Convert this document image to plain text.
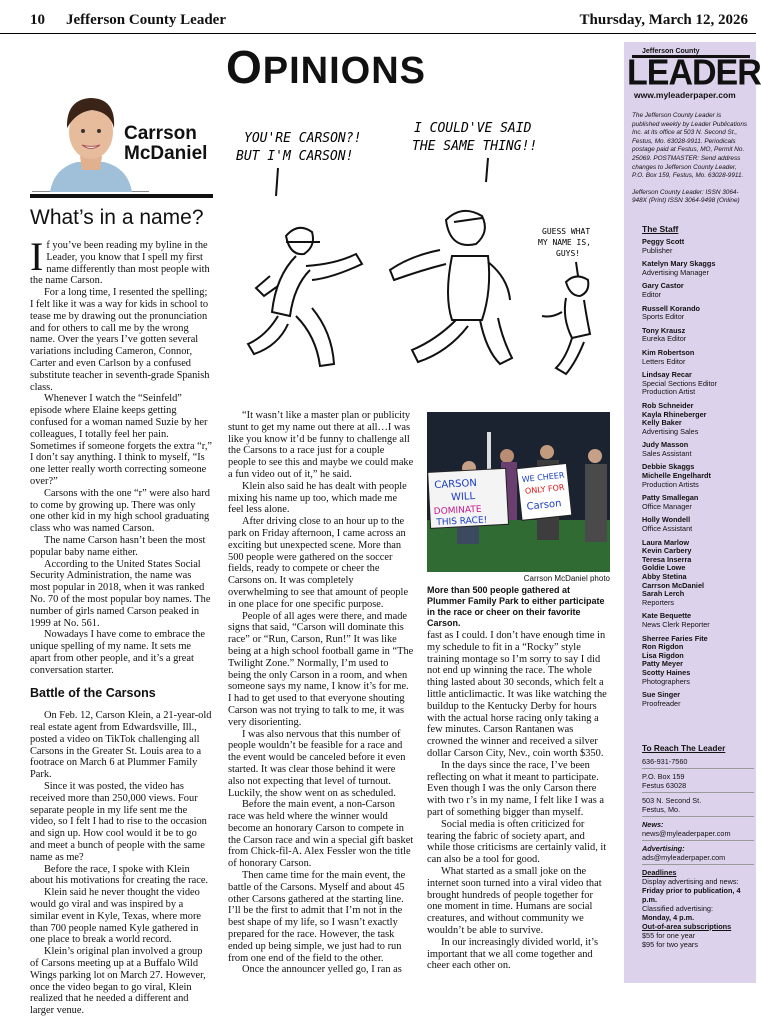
10 Jefferson County Leader	Thursday, March 12, 2026
OPINIONS
Carrson
McDaniel
What’s in a name?

If you’ve been reading my byline in the Leader, you know that I spell my first name differently than most people with the name Carson.

For a long time, I resented the spelling; I felt like it was a way for kids in school to tease me by drawing out the pronunciation and for others to call me by the wrong name. Over the years I’ve gotten several variations including Cameron, Connor, Carter and even Carlson by a confused substitute teacher in seventh-grade Spanish class.

Whenever I watch the “Seinfeld” episode where Elaine keeps getting confused for a woman named Suzie by her colleagues, I totally feel her pain. Sometimes if someone forgets the extra “r,” I don’t say anything. I think to myself, “Is one letter really worth correcting someone over?”

Carsons with the one “r” were also hard to come by growing up. There was only one other kid in my high school graduating class who was named Carson.

The name Carson hasn’t been the most popular baby name either.

According to the United States Social Security Administration, the name was most popular in 2018, when it was ranked No. 70 of the most popular boy names. The number of girls named Carson peaked in 1999 at No. 561.

Nowadays I have come to embrace the unique spelling of my name. It sets me apart from other people, and it’s a great conversation starter.

Battle of the Carsons

On Feb. 12, Carson Klein, a 21-year-old real estate agent from Edwardsville, Ill., posted a video on TikTok challenging all Carsons in the Greater St. Louis area to a footrace on March 6 at Plummer Family Park.

Since it was posted, the video has received more than 250,000 views. Four separate people in my life sent me the video, so I felt I had to rise to the occasion and sign up. How cool would it be to go and meet a bunch of people with the same name as me?

Before the race, I spoke with Klein about his motivations for creating the race.

Klein said he never thought the video would go viral and was inspired by a similar event in Kyle, Texas, where more than 700 people named Kyle gathered in one place to break a world record.

Klein’s original plan involved a group of Carsons meeting up at a Buffalo Wild Wings parking lot on March 27. However, once the video began to go viral, Klein realized that he needed a different and larger venue.

YOU'RE CARSON?!
BUT I'M CARSON!
I COULD'VE SAID
THE SAME THING!!
GUESS WHAT
MY NAME IS,
GUYS!

“It wasn’t like a master plan or publicity stunt to get my name out there at all…I was like you know it’d be funny to challenge all the Carsons to a race just for a couple people to see this and maybe we could make a fun video out of it,” he said.

Klein also said he has dealt with people mixing his name up too, which made me feel less alone.

After driving close to an hour up to the park on Friday afternoon, I came across an exciting but unexpected scene. More than 500 people were gathered on the soccer fields, ready to compete or cheer the Carsons on. It was completely overwhelming to see that amount of people in one place for one specific purpose.

People of all ages were there, and made signs that said, “Carson will dominate this race” or “Run, Carson, Run!” It was like being at a high school football game in “The Twilight Zone.” Normally, I’m used to being the only Carson in a room, and when someone says my name, I know it’s for me. I had to get used to that everyone shouting Carson was not trying to talk to me, it was very disorienting.

I was also nervous that this number of people wouldn’t be feasible for a race and the event would be canceled before it even started. It was clear those behind it were also not expecting that level of turnout. Luckily, the show went on as scheduled.

Before the main event, a non-Carson race was held where the winner would become an honorary Carson to compete in the Carson race and win a special gift basket from Chick-fil-A. Alex Fessler won the title of honorary Carson.

Then came time for the main event, the battle of the Carsons. Myself and about 45 other Carsons gathered at the starting line. I’ll be the first to admit that I’m not in the best shape of my life, so I wasn’t exactly prepared for the race. However, the task ended up being simple, we just had to run from one end of the field to the other.

Once the announcer yelled go, I ran as

CARSON
WILL
DOMINATE
THIS RACE!
WE CHEER
ONLY FOR
Carson
Carrson McDaniel photo
More than 500 people gathered at Plummer Family Park to either participate in the race or cheer on their favorite Carson.

fast as I could. I don’t have enough time in my schedule to fit in a “Rocky” style training montage so I’m sorry to say I did not end up winning the race. The whole thing lasted about 30 seconds, which felt a little anticlimactic. It was like watching the buildup to the Kentucky Derby for hours with the actual horse racing only taking a few minutes. Carson Rantanen was crowned the winner and received a silver dollar Carson City, Nev., coin worth $350.

In the days since the race, I’ve been reflecting on what it meant to participate. Even though I was the only Carson there with two r’s in my name, I felt like I was a part of something bigger than myself.

Social media is often criticized for tearing the fabric of society apart, and while those criticisms are certainly valid, it can also be a tool for good.

What started as a small joke on the internet soon turned into a viral video that brought hundreds of people together for one moment in time. Humans are social creatures, and without community we wouldn’t be able to survive.

In our increasingly divided world, it’s important that we all come together and cheer each other on.

Jefferson County
LEADER
www.myleaderpaper.com
The Jefferson County Leader is published weekly by Leader Publications Inc. at its office at 503 N. Second St., Festus, Mo. 63028-9911. Periodicals postage paid at Festus, MO, Permit No. 25069. POSTMASTER: Send address changes to Jefferson County Leader, P.O. Box 159, Festus, Mo. 63028-9911.
Jefferson County Leader: ISSN 3064-948X (Print) ISSN 3064-9498 (Online)
The Staff
Peggy Scott
Publisher
Katelyn Mary Skaggs
Advertising Manager
Gary Castor
Editor
Russell Korando
Sports Editor
Tony Krausz
Eureka Editor
Kim Robertson
Letters Editor
Lindsay Recar
Special Sections Editor Production Artist
Rob Schneider
Kayla Rhineberger
Kelly Baker
Advertising Sales
Judy Masson
Sales Assistant
Debbie Skaggs
Michelle Engelhardt
Production Artists
Patty Smallegan
Office Manager
Holly Wondell
Office Assistant
Laura Marlow
Kevin Carbery
Teresa Inserra
Goldie Lowe
Abby Stetina
Carrson McDaniel
Sarah Lerch
Reporters
Kate Bequette
News Clerk Reporter
Sherree Faries Fite
Ron Rigdon
Lisa Rigdon
Patty Meyer
Scotty Haines
Photographers
Sue Singer
Proofreader
To Reach The Leader
636-931-7560
P.O. Box 159
Festus 63028
503 N. Second St.
Festus, Mo.
News:
news@myleaderpaper.com
Advertising:
ads@myleaderpaper.com
Deadlines
Display advertising and news:
Friday prior to publication, 4 p.m.
Classified advertising:
Monday, 4 p.m.
Out-of-area subscriptions
$55 for one year
$95 for two years
